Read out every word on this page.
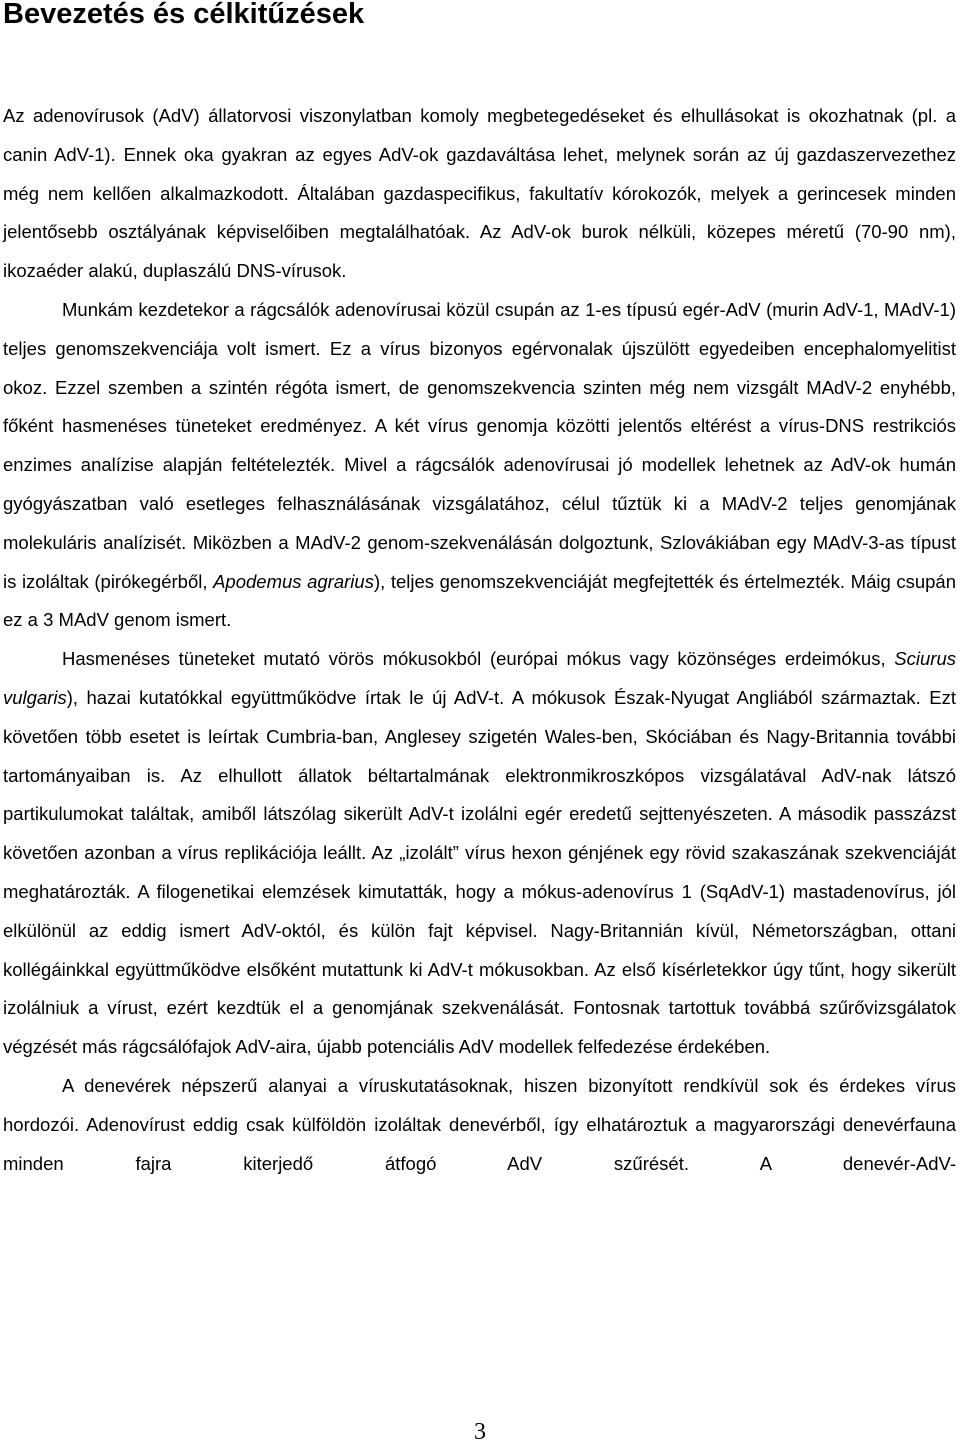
Bevezetés és célkitűzések

Az adenovírusok (AdV) állatorvosi viszonylatban komoly megbetegedéseket és elhullásokat is okozhatnak (pl. a canin AdV-1). Ennek oka gyakran az egyes AdV-ok gazdaváltása lehet, melynek során az új gazdaszervezethez még nem kellően alkalmazkodott. Általában gazdaspecifikus, fakultatív kórokozók, melyek a gerincesek minden jelentősebb osztályának képviselőiben megtalálhatóak. Az AdV-ok burok nélküli, közepes méretű (70-90 nm), ikozaéder alakú, duplaszálú DNS-vírusok.

Munkám kezdetekor a rágcsálók adenovírusai közül csupán az 1-es típusú egér-AdV (murin AdV-1, MAdV-1) teljes genomszekvenciája volt ismert. Ez a vírus bizonyos egérvonalak újszülött egyedeiben encephalomyelitist okoz. Ezzel szemben a szintén régóta ismert, de genomszekvencia szinten még nem vizsgált MAdV-2 enyhébb, főként hasmenéses tüneteket eredményez. A két vírus genomja közötti jelentős eltérést a vírus-DNS restrikciós enzimes analízise alapján feltételezték. Mivel a rágcsálók adenovírusai jó modellek lehetnek az AdV-ok humán gyógyászatban való esetleges felhasználásának vizsgálatához, célul tűztük ki a MAdV-2 teljes genomjának molekuláris analízisét. Miközben a MAdV-2 genom-szekvenálásán dolgoztunk, Szlovákiában egy MAdV-3-as típust is izoláltak (pirókegérből, Apodemus agrarius), teljes genomszekvenciáját megfejtették és értelmezték. Máig csupán ez a 3 MAdV genom ismert.

Hasmenéses tüneteket mutató vörös mókusokból (európai mókus vagy közönséges erdeimókus, Sciurus vulgaris), hazai kutatókkal együttműködve írtak le új AdV-t. A mókusok Észak-Nyugat Angliából származtak. Ezt követően több esetet is leírtak Cumbria-ban, Anglesey szigetén Wales-ben, Skóciában és Nagy-Britannia további tartományaiban is. Az elhullott állatok béltartalmának elektronmikroszkópos vizsgálatával AdV-nak látszó partikulumokat találtak, amiből látszólag sikerült AdV-t izolálni egér eredetű sejttenyészeten. A második passzázst követően azonban a vírus replikációja leállt. Az „izolált” vírus hexon génjének egy rövid szakaszának szekvenciáját meghatározták. A filogenetikai elemzések kimutatták, hogy a mókus-adenovírus 1 (SqAdV-1) mastadenovírus, jól elkülönül az eddig ismert AdV-októl, és külön fajt képvisel. Nagy-Britannián kívül, Németországban, ottani kollégáinkkal együttműködve elsőként mutattunk ki AdV-t mókusokban. Az első kísérletekkor úgy tűnt, hogy sikerült izolálniuk a vírust, ezért kezdtük el a genomjának szekvenálását. Fontosnak tartottuk továbbá szűrővizsgálatok végzését más rágcsálófajok AdV-aira, újabb potenciális AdV modellek felfedezése érdekében.

A denevérek népszerű alanyai a víruskutatásoknak, hiszen bizonyított rendkívül sok és érdekes vírus hordozói. Adenovírust eddig csak külföldön izoláltak denevérből, így elhatároztuk a magyarországi denevérfauna minden fajra kiterjedő átfogó AdV szűrését. A denevér-AdV-

3
